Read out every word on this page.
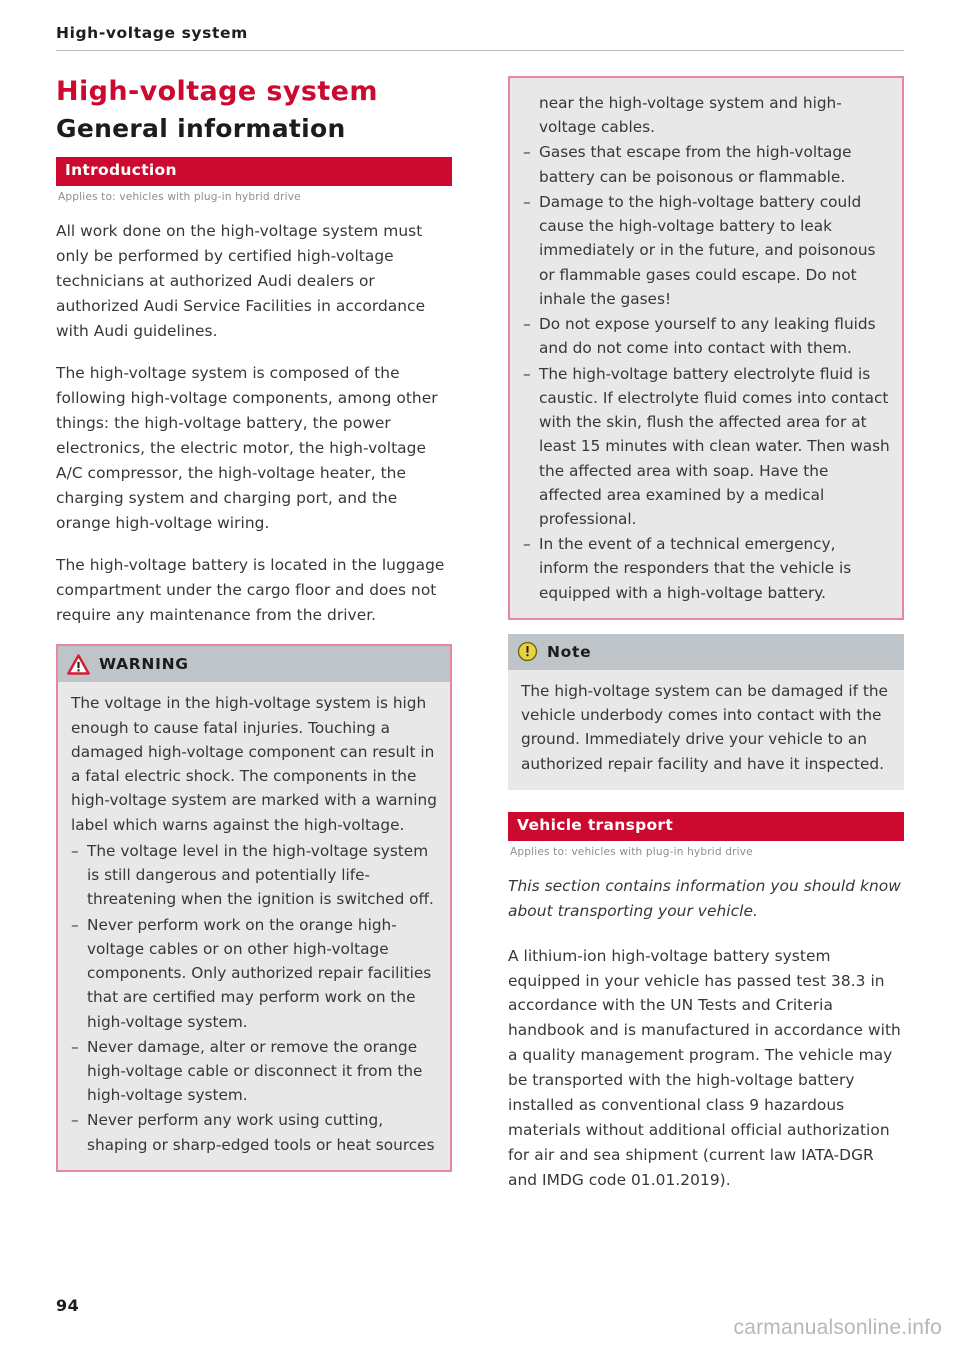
High-voltage system
High-voltage system
General information
Introduction
Applies to: vehicles with plug-in hybrid drive

All work done on the high-voltage system must only be performed by certified high-voltage technicians at authorized Audi dealers or authorized Audi Service Facilities in accordance with Audi guidelines.

The high-voltage system is composed of the following high-voltage components, among other things: the high-voltage battery, the power electronics, the electric motor, the high-voltage A/C compressor, the high-voltage heater, the charging system and charging port, and the orange high-voltage wiring.

The high-voltage battery is located in the luggage compartment under the cargo floor and does not require any maintenance from the driver.

WARNING

The voltage in the high-voltage system is high enough to cause fatal injuries. Touching a damaged high-voltage component can result in a fatal electric shock. The components in the high-voltage system are marked with a warning label which warns against the high-voltage.

– The voltage level in the high-voltage system is still dangerous and potentially life-threatening when the ignition is switched off.
– Never perform work on the orange high-voltage cables or on other high-voltage components. Only authorized repair facilities that are certified may perform work on the high-voltage system.
– Never damage, alter or remove the orange high-voltage cable or disconnect it from the high-voltage system.
– Never perform any work using cutting, shaping or sharp-edged tools or heat sources
near the high-voltage system and high-voltage cables.
– Gases that escape from the high-voltage battery can be poisonous or flammable.
– Damage to the high-voltage battery could cause the high-voltage battery to leak immediately or in the future, and poisonous or flammable gases could escape. Do not inhale the gases!
– Do not expose yourself to any leaking fluids and do not come into contact with them.
– The high-voltage battery electrolyte fluid is caustic. If electrolyte fluid comes into contact with the skin, flush the affected area for at least 15 minutes with clean water. Then wash the affected area with soap. Have the affected area examined by a medical professional.
– In the event of a technical emergency, inform the responders that the vehicle is equipped with a high-voltage battery.
Note

The high-voltage system can be damaged if the vehicle underbody comes into contact with the ground. Immediately drive your vehicle to an authorized repair facility and have it inspected.

Vehicle transport
Applies to: vehicles with plug-in hybrid drive

This section contains information you should know about transporting your vehicle.

A lithium-ion high-voltage battery system equipped in your vehicle has passed test 38.3 in accordance with the UN Tests and Criteria handbook and is manufactured in accordance with a quality management program. The vehicle may be transported with the high-voltage battery installed as conventional class 9 hazardous materials without additional official authorization for air and sea shipment (current law IATA-DGR and IMDG code 01.01.2019).

94
carmanualsonline.info
